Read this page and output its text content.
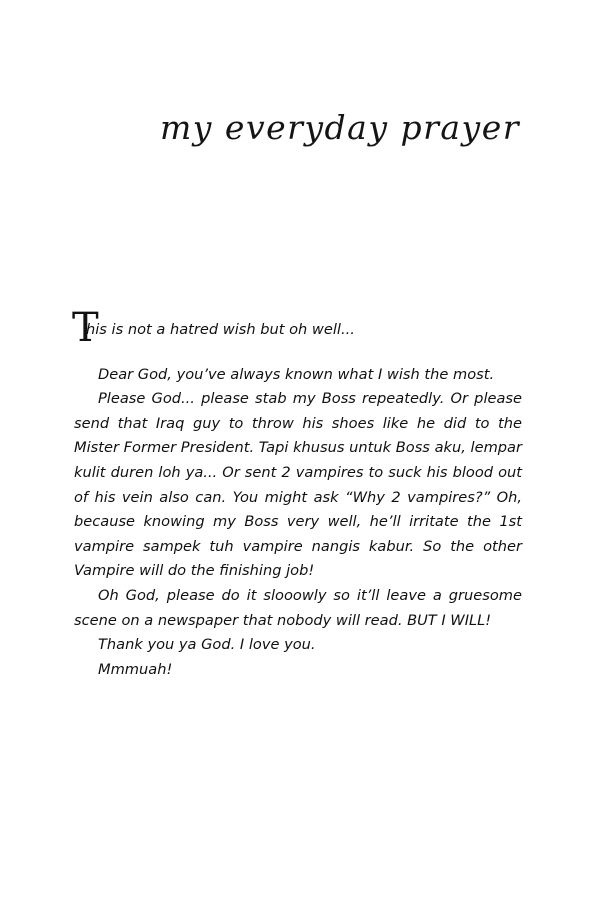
my everyday prayer

T
his is not a hatred wish but oh well...

Dear God, you’ve always known what I wish the most.

Please God... please stab my Boss repeatedly. Or please send that Iraq guy to throw his shoes like he did to the Mister Former President. Tapi khusus untuk Boss aku, lempar kulit duren loh ya... Or sent 2 vampires to suck his blood out of his vein also can. You might ask “Why 2 vampires?” Oh, because knowing my Boss very well, he’ll irritate the 1st vampire sampek tuh vampire nangis kabur. So the other Vampire will do the finishing job!

Oh God, please do it slooowly so it’ll leave a gruesome scene on a newspaper that nobody will read. BUT I WILL!

Thank you ya God. I love you.

Mmmuah!
